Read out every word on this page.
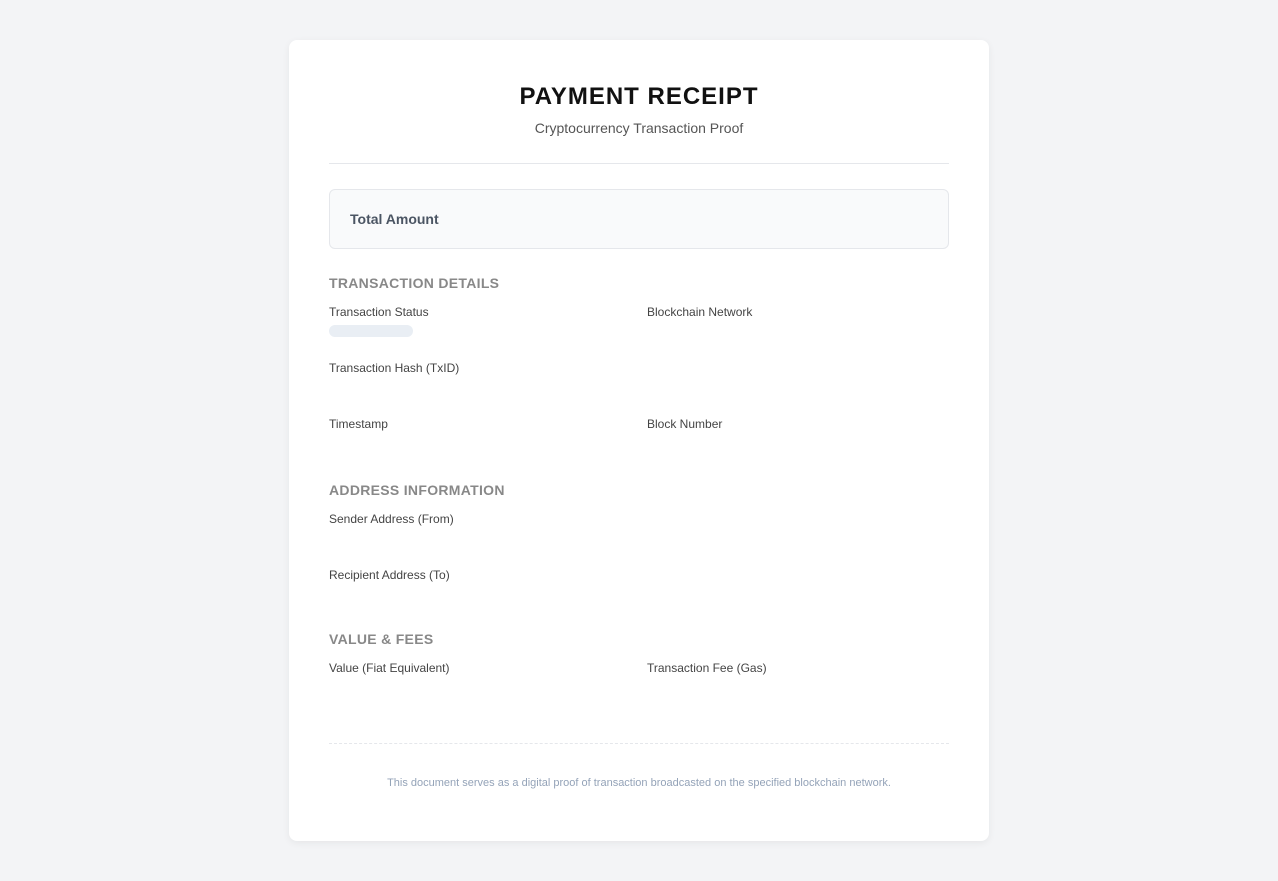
PAYMENT RECEIPT
Cryptocurrency Transaction Proof
Total Amount
TRANSACTION DETAILS
Transaction Status	Blockchain Network
Transaction Hash (TxID)
Timestamp	Block Number
ADDRESS INFORMATION
Sender Address (From)
Recipient Address (To)
VALUE & FEES
Value (Fiat Equivalent)	Transaction Fee (Gas)
This document serves as a digital proof of transaction broadcasted on the specified blockchain network.
